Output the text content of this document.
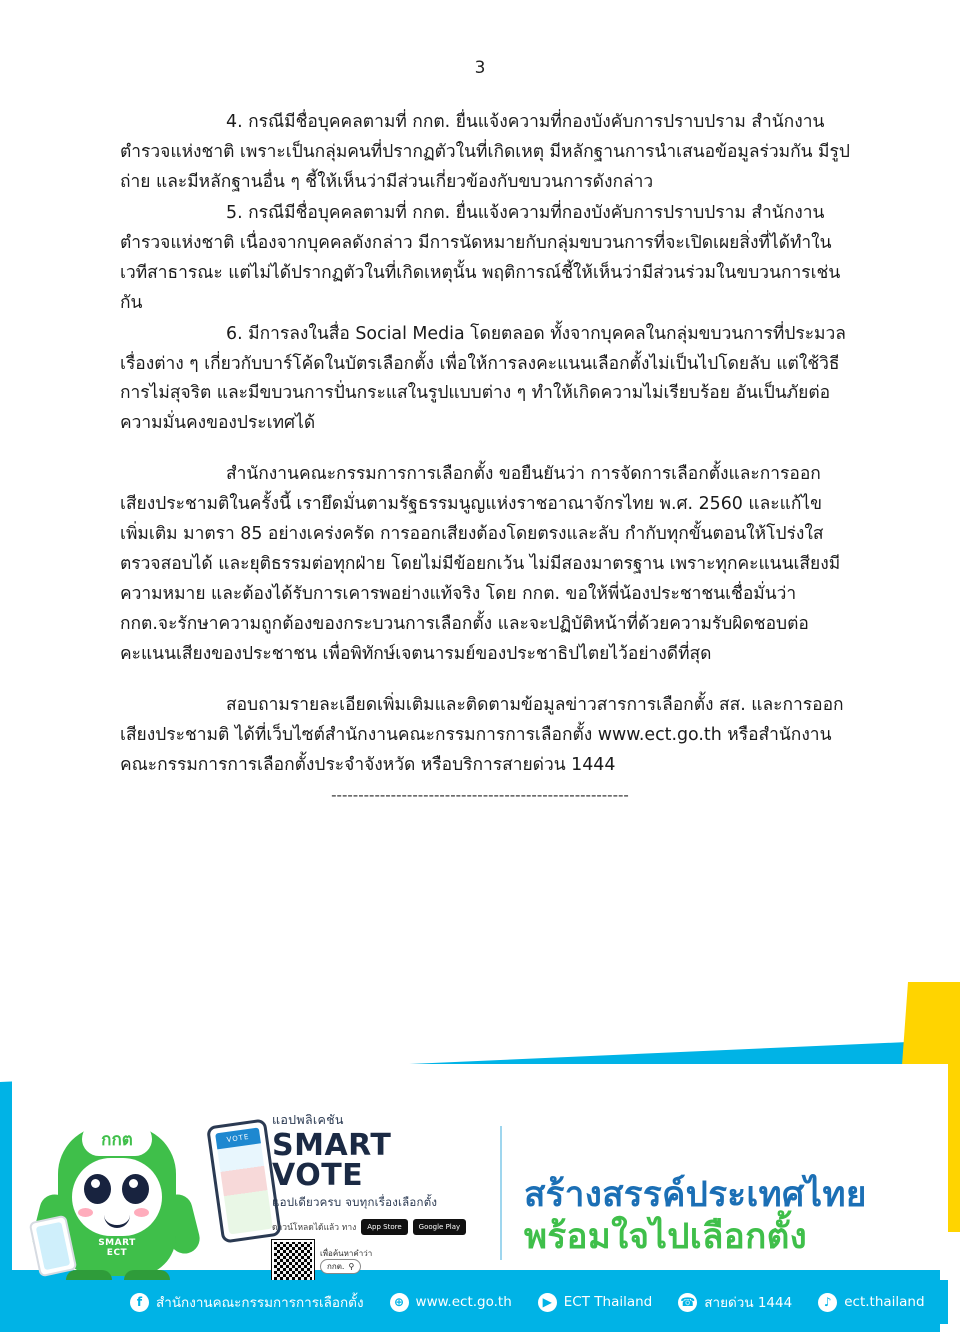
3

4. กรณีมีชื่อบุคคลตามที่ กกต. ยื่นแจ้งความที่กองบังคับการปราบปราม สำนักงานตำรวจแห่งชาติ เพราะเป็นกลุ่มคนที่ปรากฏตัวในที่เกิดเหตุ มีหลักฐานการนำเสนอข้อมูลร่วมกัน มีรูปถ่าย และมีหลักฐานอื่น ๆ ชี้ให้เห็นว่ามีส่วนเกี่ยวข้องกับขบวนการดังกล่าว

5. กรณีมีชื่อบุคคลตามที่ กกต. ยื่นแจ้งความที่กองบังคับการปราบปราม สำนักงานตำรวจแห่งชาติ เนื่องจากบุคคลดังกล่าว มีการนัดหมายกับกลุ่มขบวนการที่จะเปิดเผยสิ่งที่ได้ทำในเวทีสาธารณะ แต่ไม่ได้ปรากฏตัวในที่เกิดเหตุนั้น พฤติการณ์ชี้ให้เห็นว่ามีส่วนร่วมในขบวนการเช่นกัน

6. มีการลงในสื่อ Social Media โดยตลอด ทั้งจากบุคคลในกลุ่มขบวนการที่ประมวลเรื่องต่าง ๆ เกี่ยวกับบาร์โค้ดในบัตรเลือกตั้ง เพื่อให้การลงคะแนนเลือกตั้งไม่เป็นไปโดยลับ แต่ใช้วิธีการไม่สุจริต และมีขบวนการปั่นกระแสในรูปแบบต่าง ๆ ทำให้เกิดความไม่เรียบร้อย อันเป็นภัยต่อความมั่นคงของประเทศได้

สำนักงานคณะกรรมการการเลือกตั้ง ขอยืนยันว่า การจัดการเลือกตั้งและการออกเสียงประชามติในครั้งนี้ เรายึดมั่นตามรัฐธรรมนูญแห่งราชอาณาจักรไทย พ.ศ. 2560 และแก้ไขเพิ่มเติม มาตรา 85 อย่างเคร่งครัด การออกเสียงต้องโดยตรงและลับ กำกับทุกขั้นตอนให้โปร่งใส ตรวจสอบได้ และยุติธรรมต่อทุกฝ่าย โดยไม่มีข้อยกเว้น ไม่มีสองมาตรฐาน เพราะทุกคะแนนเสียงมีความหมาย และต้องได้รับการเคารพอย่างแท้จริง โดย กกต. ขอให้พี่น้องประชาชนเชื่อมั่นว่า กกต.จะรักษาความถูกต้องของกระบวนการเลือกตั้ง และจะปฏิบัติหน้าที่ด้วยความรับผิดชอบต่อคะแนนเสียงของประชาชน เพื่อพิทักษ์เจตนารมย์ของประชาธิปไตยไว้อย่างดีที่สุด

สอบถามรายละเอียดเพิ่มเติมและติดตามข้อมูลข่าวสารการเลือกตั้ง สส. และการออกเสียงประชามติ ได้ที่เว็บไซต์สำนักงานคณะกรรมการการเลือกตั้ง www.ect.go.th หรือสำนักงานคณะกรรมการการเลือกตั้งประจำจังหวัด หรือบริการสายด่วน 1444

-------------------------------------------------------
กกต
SMART
ECT
VOTE
แอปพลิเคชัน
SMART VOTE
แอปเดียวครบ จบทุกเรื่องเลือกตั้ง
ดาวน์โหลดได้แล้ว ทาง	App Store	Google Play
เพื่อค้นหาคำว่า
กกต. ⚲
สร้างสรรค์ประเทศไทย
พร้อมใจไปเลือกตั้ง
f	สำนักงานคณะกรรมการการเลือกตั้ง	⊕ www.ect.go.th	▶ ECT Thailand ☎ สายด่วน 1444	♪ ect.thailand
